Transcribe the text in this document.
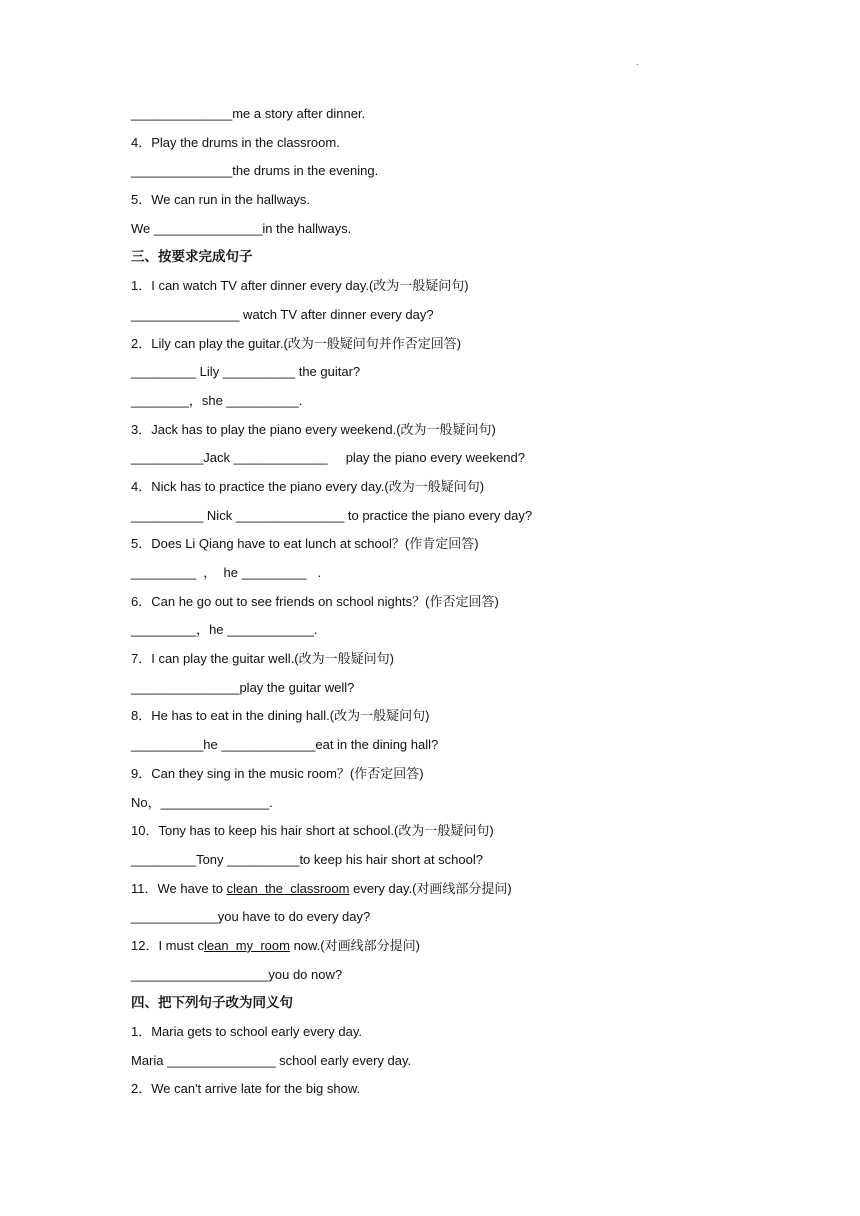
.

______________me a story after dinner.

4．Play the drums in the classroom.

______________the drums in the evening.

5．We can run in the hallways.

We _______________in the hallways.

三、按要求完成句子

1．I can watch TV after dinner every day.(改为一般疑问句)

_______________ watch TV after dinner every day?

2．Lily can play the guitar.(改为一般疑问句并作否定回答)

_________ Lily __________ the guitar?

________，she __________.

3．Jack has to play the piano every weekend.(改为一般疑问句)

__________Jack _____________     play the piano every weekend?

4．Nick has to practice the piano every day.(改为一般疑问句)

__________ Nick _______________ to practice the piano every day?

5．Does Li Qiang have to eat lunch at school？(作肯定回答)

_________  ，  he _________   .

6．Can he go out to see friends on school nights？(作否定回答)

_________，he ____________.

7．I can play the guitar well.(改为一般疑问句)

_______________play the guitar well?

8．He has to eat in the dining hall.(改为一般疑问句)

__________he _____________eat in the dining hall?

9．Can they sing in the music room？(作否定回答)

No，_______________.

10．Tony has to keep his hair short at school.(改为一般疑问句)

_________Tony __________to keep his hair short at school?

11．We have to clean  the  classroom every day.(对画线部分提问)

____________you have to do every day?

12．I must clean  my  room now.(对画线部分提问)

___________________you do now?

四、把下列句子改为同义句

1．Maria gets to school early every day.

Maria _______________ school early every day.

2．We can't arrive late for the big show.
